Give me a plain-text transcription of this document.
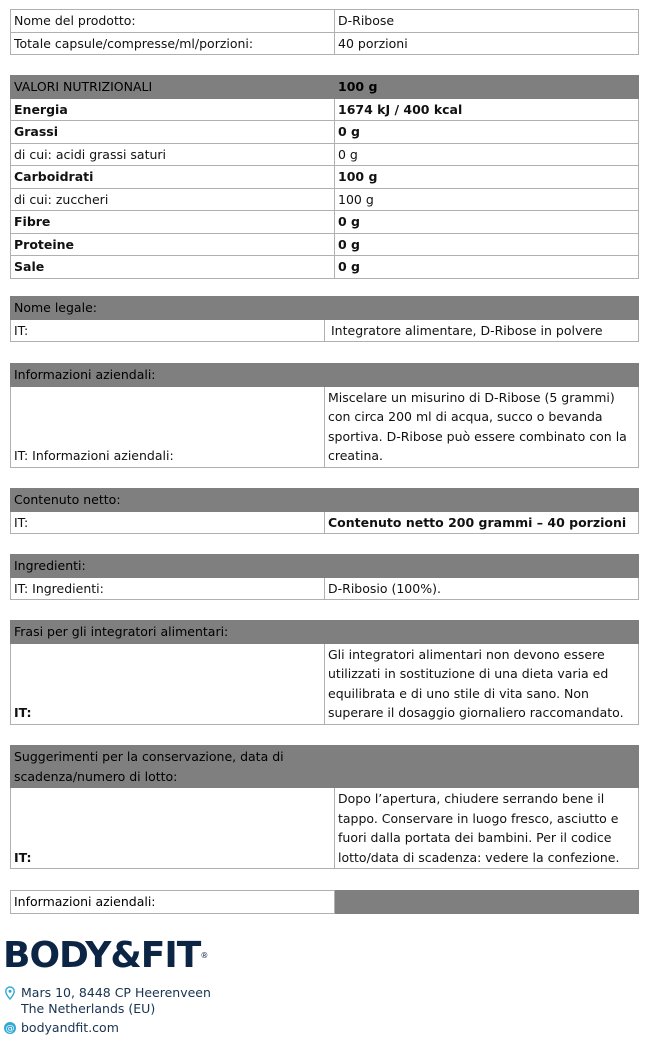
Nome del prodotto:	D-Ribose
Totale capsule/compresse/ml/porzioni:	40 porzioni
VALORI NUTRIZIONALI	100 g
Energia	1674 kJ / 400 kcal
Grassi	0 g
di cui: acidi grassi saturi	0 g
Carboidrati	100 g
di cui: zuccheri	100 g
Fibre	0 g
Proteine	0 g
Sale	0 g
Nome legale:
IT:	Integratore alimentare, D-Ribose in polvere
Informazioni aziendali:
IT: Informazioni aziendali:	Miscelare un misurino di D-Ribose (5 grammi) con circa 200 ml di acqua, succo o bevanda sportiva. D-Ribose può essere combinato con la creatina.
Contenuto netto:
IT:	Contenuto netto 200 grammi – 40 porzioni
Ingredienti:
IT: Ingredienti:	D-Ribosio (100%).
Frasi per gli integratori alimentari:
IT:	Gli integratori alimentari non devono essere utilizzati in sostituzione di una dieta varia ed equilibrata e di uno stile di vita sano. Non superare il dosaggio giornaliero raccomandato.
Suggerimenti per la conservazione, data di scadenza/numero di lotto:	
IT:	Dopo l’apertura, chiudere serrando bene il tappo. Conservare in luogo fresco, asciutto e fuori dalla portata dei bambini. Per il codice lotto/data di scadenza: vedere la confezione.
Informazioni aziendali:	
BODY&FIT®
Mars 10, 8448 CP Heerenveen
The Netherlands (EU)
@ bodyandfit.com
